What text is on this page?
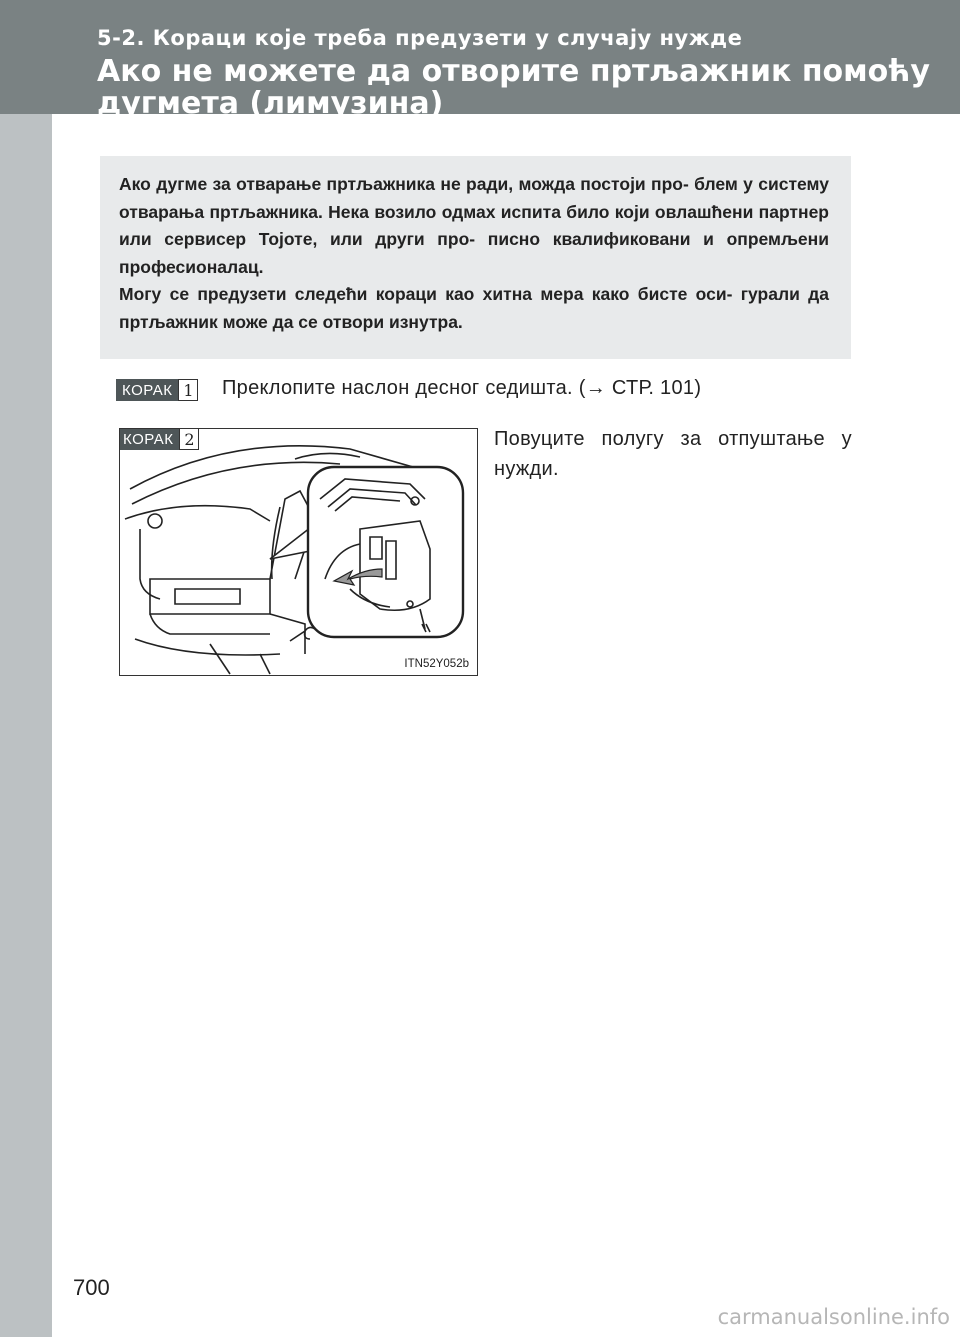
5-2. Кораци које треба предузети у случају нужде
Ако не можете да отворите пртљажник помоћу дугмета (лимузина)

Ако дугме за отварање пртљажника не ради, можда постоји про- блем у систему отварања пртљажника. Нека возило одмах испита било који овлашћени партнер или сервисер Тојоте, или други про- писно квалификовани и опремљени професионалац.

Могу се предузети следећи кораци као хитна мера како бисте оси- гурали да пртљажник може да се отвори изнутра.

КОРАК 1 Преклопите наслон десног седишта. (→ СТР. 101)
КОРАК 2
ITN52Y052b
Повуците полугу за отпуштање у нужди.
700
carmanualsonline.info
